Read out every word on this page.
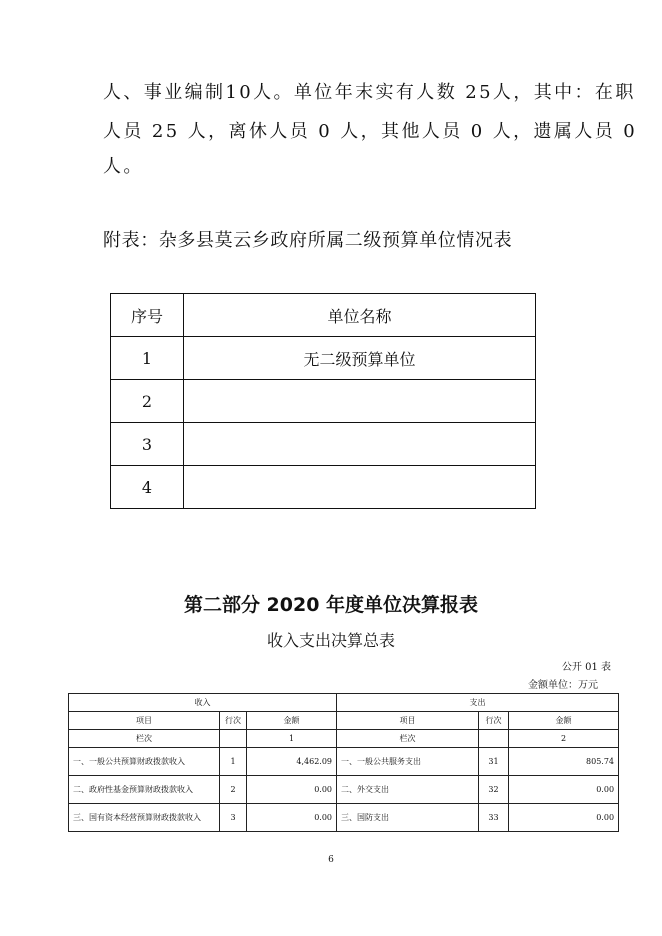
人、事业编制10人。单位年末实有人数 25人，其中：在职
人员 25 人，离休人员 0 人，其他人员 0 人，遗属人员 0
人。
附表：杂多县莫云乡政府所属二级预算单位情况表
序号	单位名称
1	无二级预算单位
2	
3	
4	
第二部分 2020 年度单位决算报表
收入支出决算总表
公开 01 表
金额单位：万元
收入			支出		
项目	行次	金额	项目	行次	金额
栏次		1	栏次		2
一、一般公共预算财政拨款收入	1	4,462.09	一、一般公共服务支出	31	805.74
二、政府性基金预算财政拨款收入	2	0.00	二、外交支出	32	0.00
三、国有资本经营预算财政拨款收入	3	0.00	三、国防支出	33	0.00
6
